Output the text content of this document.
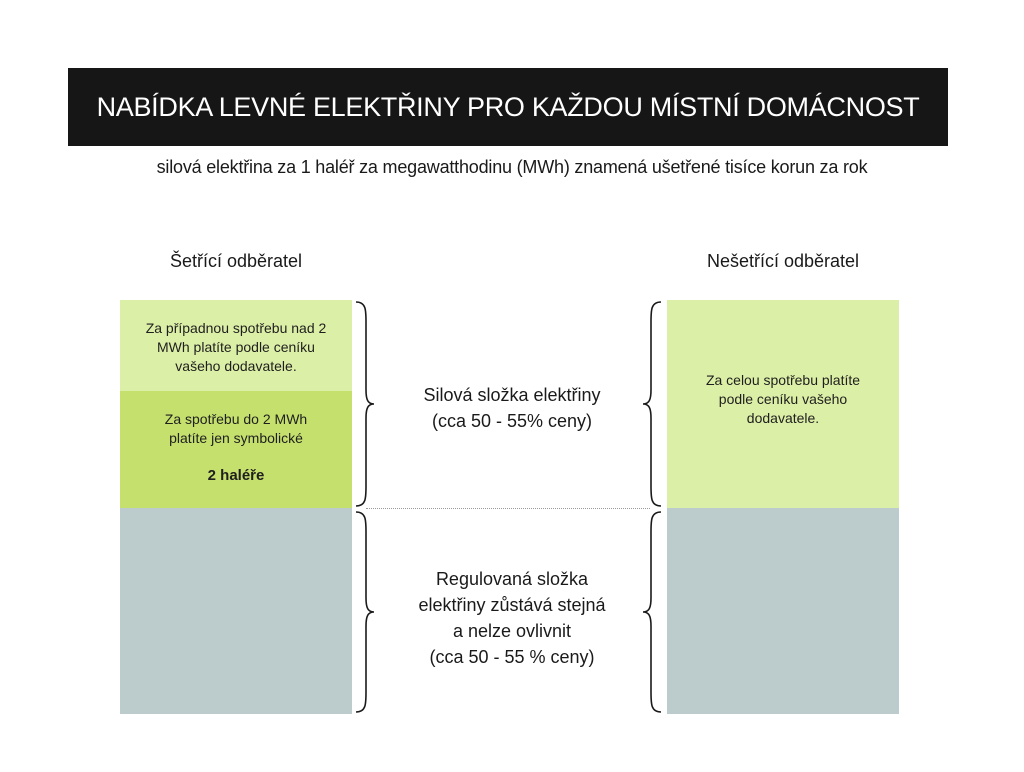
NABÍDKA LEVNÉ ELEKTŘINY PRO KAŽDOU MÍSTNÍ DOMÁCNOST
silová elektřina za 1 haléř za megawatthodinu (MWh) znamená ušetřené tisíce korun za rok
Šetřící odběratel	Nešetřící odběratel
Za případnou spotřebu nad 2 MWh platíte podle ceníku vašeho dodavatele.
Za spotřebu do 2 MWh platíte jen symbolické
2 haléře
Za celou spotřebu platíte podle ceníku vašeho dodavatele.
Silová složka elektřiny
(cca 50 - 55% ceny)
Regulovaná složka
elektřiny zůstává stejná
a nelze ovlivnit
(cca 50 - 55 % ceny)
